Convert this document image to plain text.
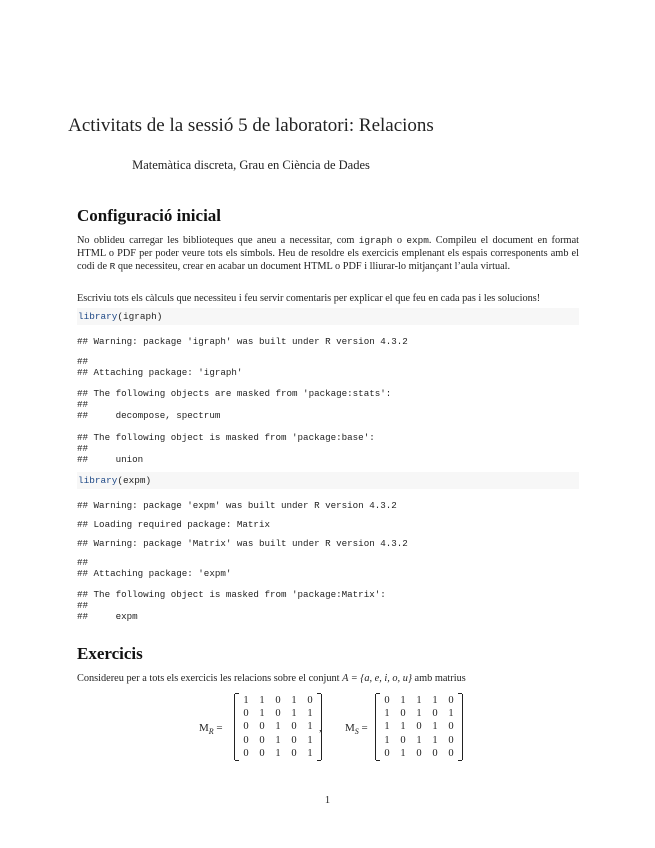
Activitats de la sessió 5 de laboratori: Relacions
Matemàtica discreta, Grau en Ciència de Dades
Configuració inicial

No oblideu carregar les biblioteques que aneu a necessitar, com igraph o expm. Compileu el document en format HTML o PDF per poder veure tots els símbols. Heu de resoldre els exercicis emplenant els espais corresponents amb el codi de R que necessiteu, crear en acabar un document HTML o PDF i lliurar-lo mitjançant l’aula virtual.

Escriviu tots els càlculs que necessiteu i feu servir comentaris per explicar el que feu en cada pas i les solucions!

library(igraph)
## Warning: package 'igraph' was built under R version 4.3.2
##
## Attaching package: 'igraph'
## The following objects are masked from 'package:stats':
##
##     decompose, spectrum
## The following object is masked from 'package:base':
##
##     union
library(expm)
## Warning: package 'expm' was built under R version 4.3.2
## Loading required package: Matrix
## Warning: package 'Matrix' was built under R version 4.3.2
##
## Attaching package: 'expm'
## The following object is masked from 'package:Matrix':
##
##     expm
Exercicis

Considereu per a tots els exercicis les relacions sobre el conjunt A = {a, e, i, o, u} amb matrius

$M_R$ =
1	1	0	1	0
0	1	0	1	1
0	0	1	0	1
0	0	1	0	1
0	0	1	0	1
, $M_S$ =
0	1	1	1	0
1	0	1	0	1
1	1	0	1	0
1	0	1	1	0
0	1	0	0	0
1
